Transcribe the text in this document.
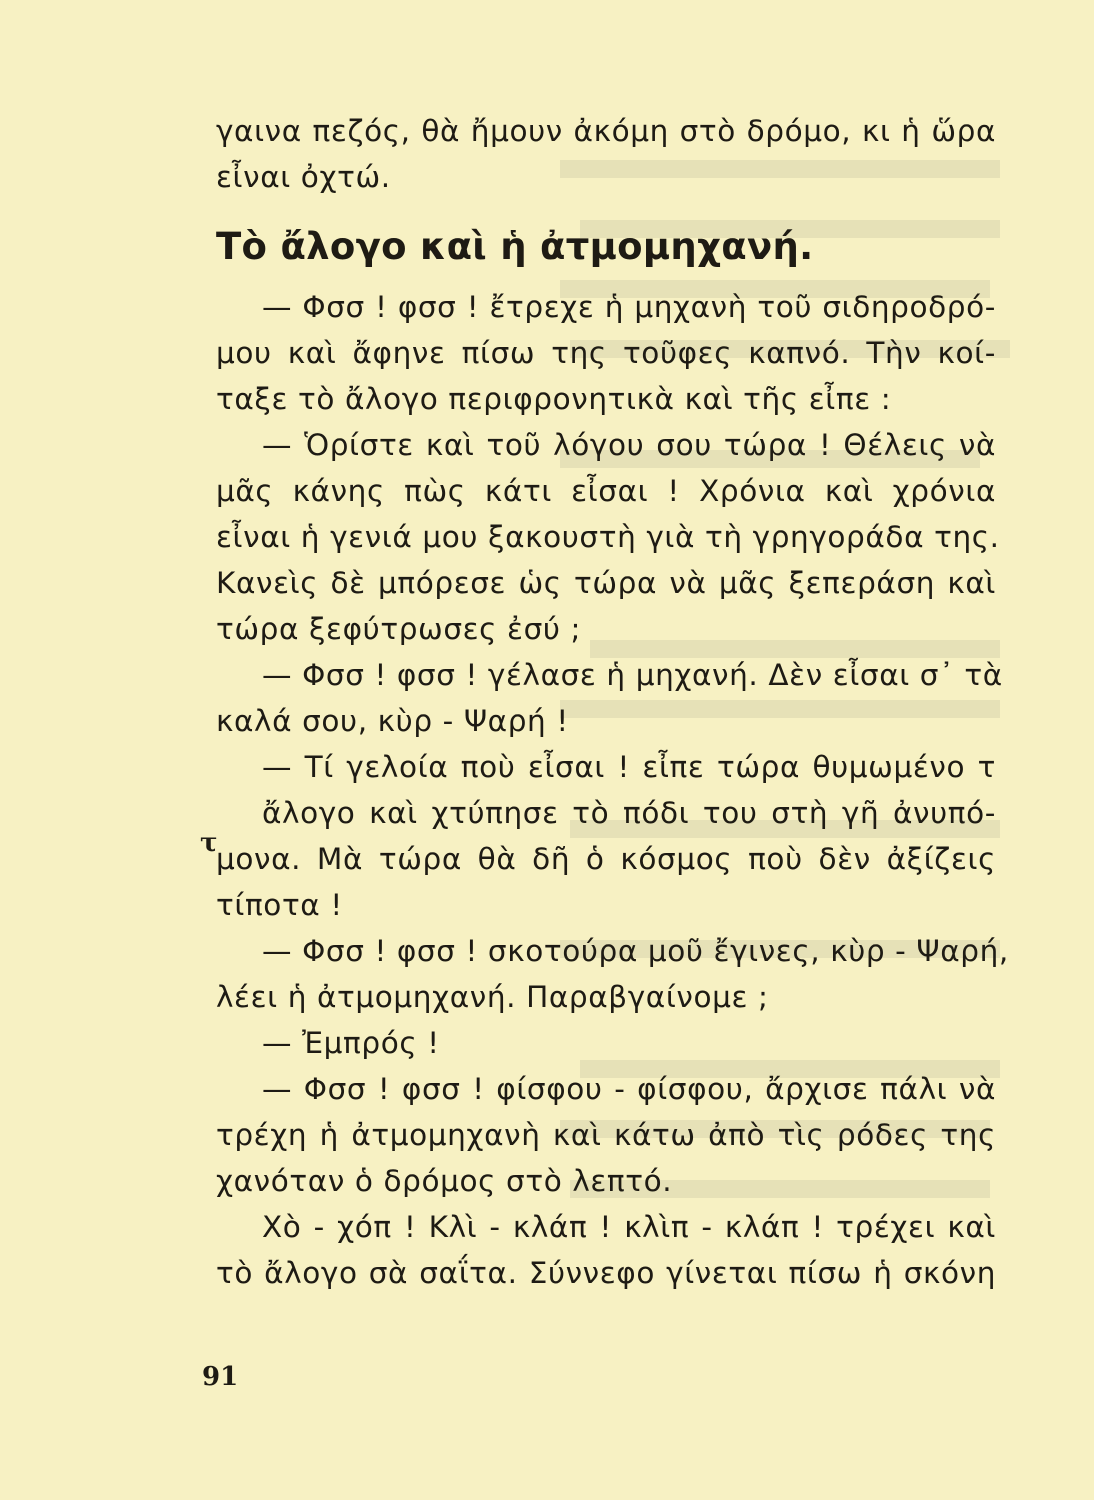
γαινα πεζός, θὰ ἤμουν ἀκόμη στὸ δρόμο, κι ἡ ὥρα
εἶναι ὀχτώ.
Τὸ ἄλογο καὶ ἡ ἀτμομηχανή.
— Φσσ ! φσσ ! ἔτρεχε ἡ μηχανὴ τοῦ σιδηροδρό-
μου καὶ ἄφηνε πίσω της τοῦφες καπνό. Τὴν κοί-
ταξε τὸ ἄλογο περιφρονητικὰ καὶ τῆς εἶπε :
— Ὁρίστε καὶ τοῦ λόγου σου τώρα ! Θέλεις νὰ
μᾶς κάνης πὼς κάτι εἶσαι ! Χρόνια καὶ χρόνια
εἶναι ἡ γενιά μου ξακουστὴ γιὰ τὴ γρηγοράδα της.
Κανεὶς δὲ μπόρεσε ὡς τώρα νὰ μᾶς ξεπεράση καὶ
τώρα ξεφύτρωσες ἐσύ ;
— Φσσ ! φσσ ! γέλασε ἡ μηχανή. Δὲν εἶσαι σ᾽ τὰ
καλά σου, κὺρ - Ψαρή !
— Τί γελοία ποὺ εἶσαι ! εἶπε τώρα θυμωμένο τ
ἄλογο καὶ χτύπησε τὸ πόδι του στὴ γῆ ἀνυπό-
μονα. Μὰ τώρα θὰ δῆ ὁ κόσμος ποὺ δὲν ἀξίζεις
τίποτα !
— Φσσ ! φσσ ! σκοτούρα μοῦ ἔγινες, κὺρ - Ψαρή,
λέει ἡ ἀτμομηχανή. Παραβγαίνομε ;
— Ἐμπρός !
— Φσσ ! φσσ ! φίσφου - φίσφου, ἄρχισε πάλι νὰ
τρέχη ἡ ἀτμομηχανὴ καὶ κάτω ἀπὸ τὶς ρόδες της
χανόταν ὁ δρόμος στὸ λεπτό.
Χὸ - χόπ ! Κλὶ - κλάπ ! κλὶπ - κλάπ ! τρέχει καὶ
τὸ ἄλογο σὰ σαΐτα. Σύννεφο γίνεται πίσω ἡ σκόνη
τ
91
